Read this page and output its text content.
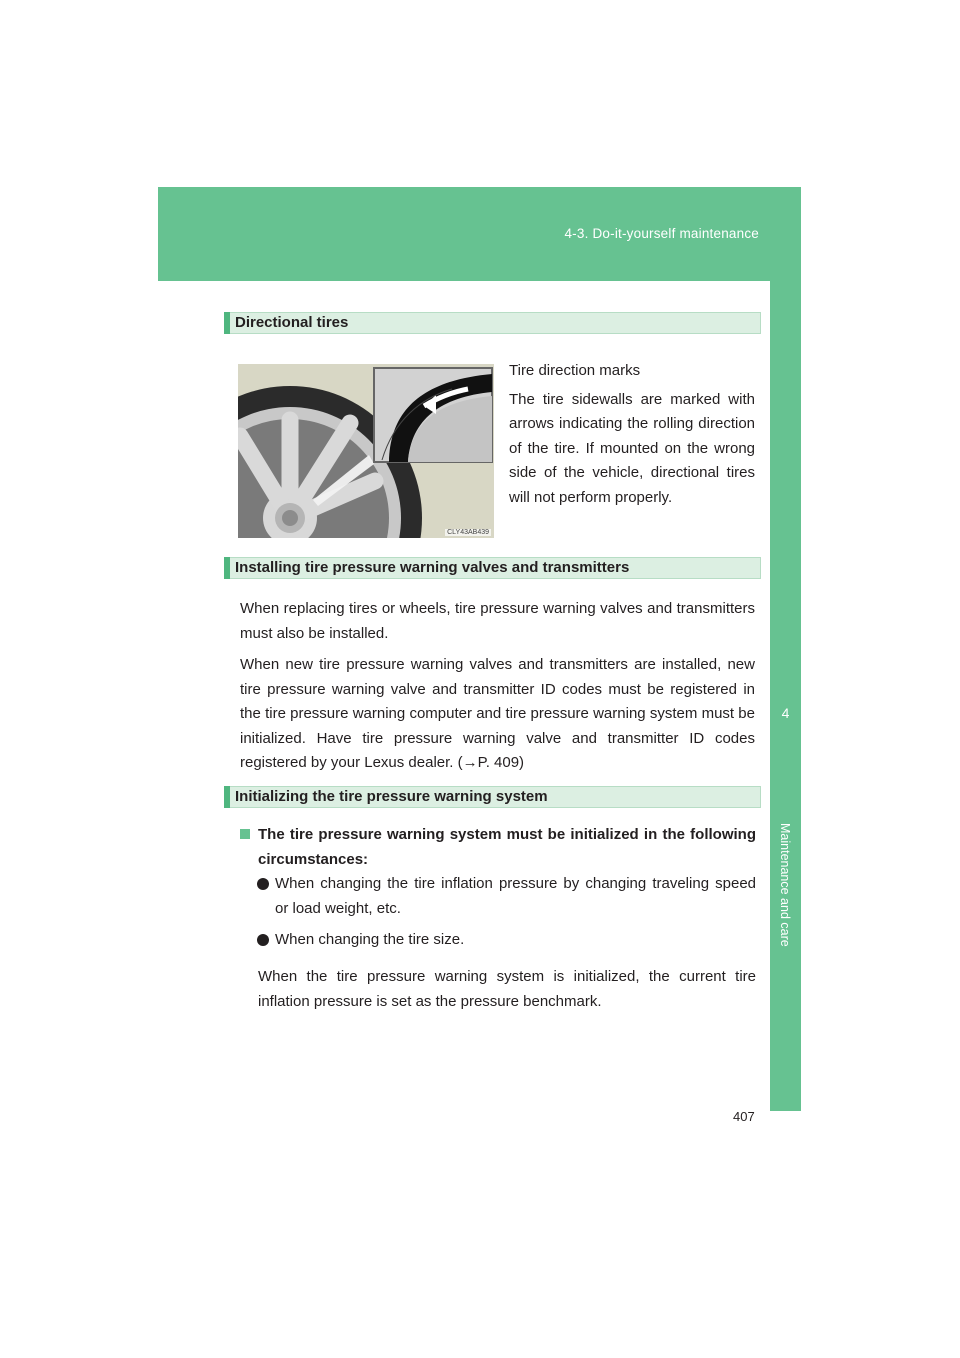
4-3. Do-it-yourself maintenance
4
Maintenance and care
Directional tires
CLY43AB439
Tire direction marks
The tire sidewalls are marked with arrows indicating the rolling direction of the tire. If mounted on the wrong side of the vehicle, directional tires will not perform properly.
Installing tire pressure warning valves and transmitters
When replacing tires or wheels, tire pressure warning valves and transmitters must also be installed.
When new tire pressure warning valves and transmitters are installed, new tire pressure warning valve and transmitter ID codes must be registered in the tire pressure warning computer and tire pressure warning system must be initialized. Have tire pressure warning valve and transmitter ID codes registered by your Lexus dealer. (→P. 409)
Initializing the tire pressure warning system
The tire pressure warning system must be initialized in the following circumstances:
When changing the tire inflation pressure by changing traveling speed or load weight, etc.
When changing the tire size.
When the tire pressure warning system is initialized, the current tire inflation pressure is set as the pressure benchmark.
407
